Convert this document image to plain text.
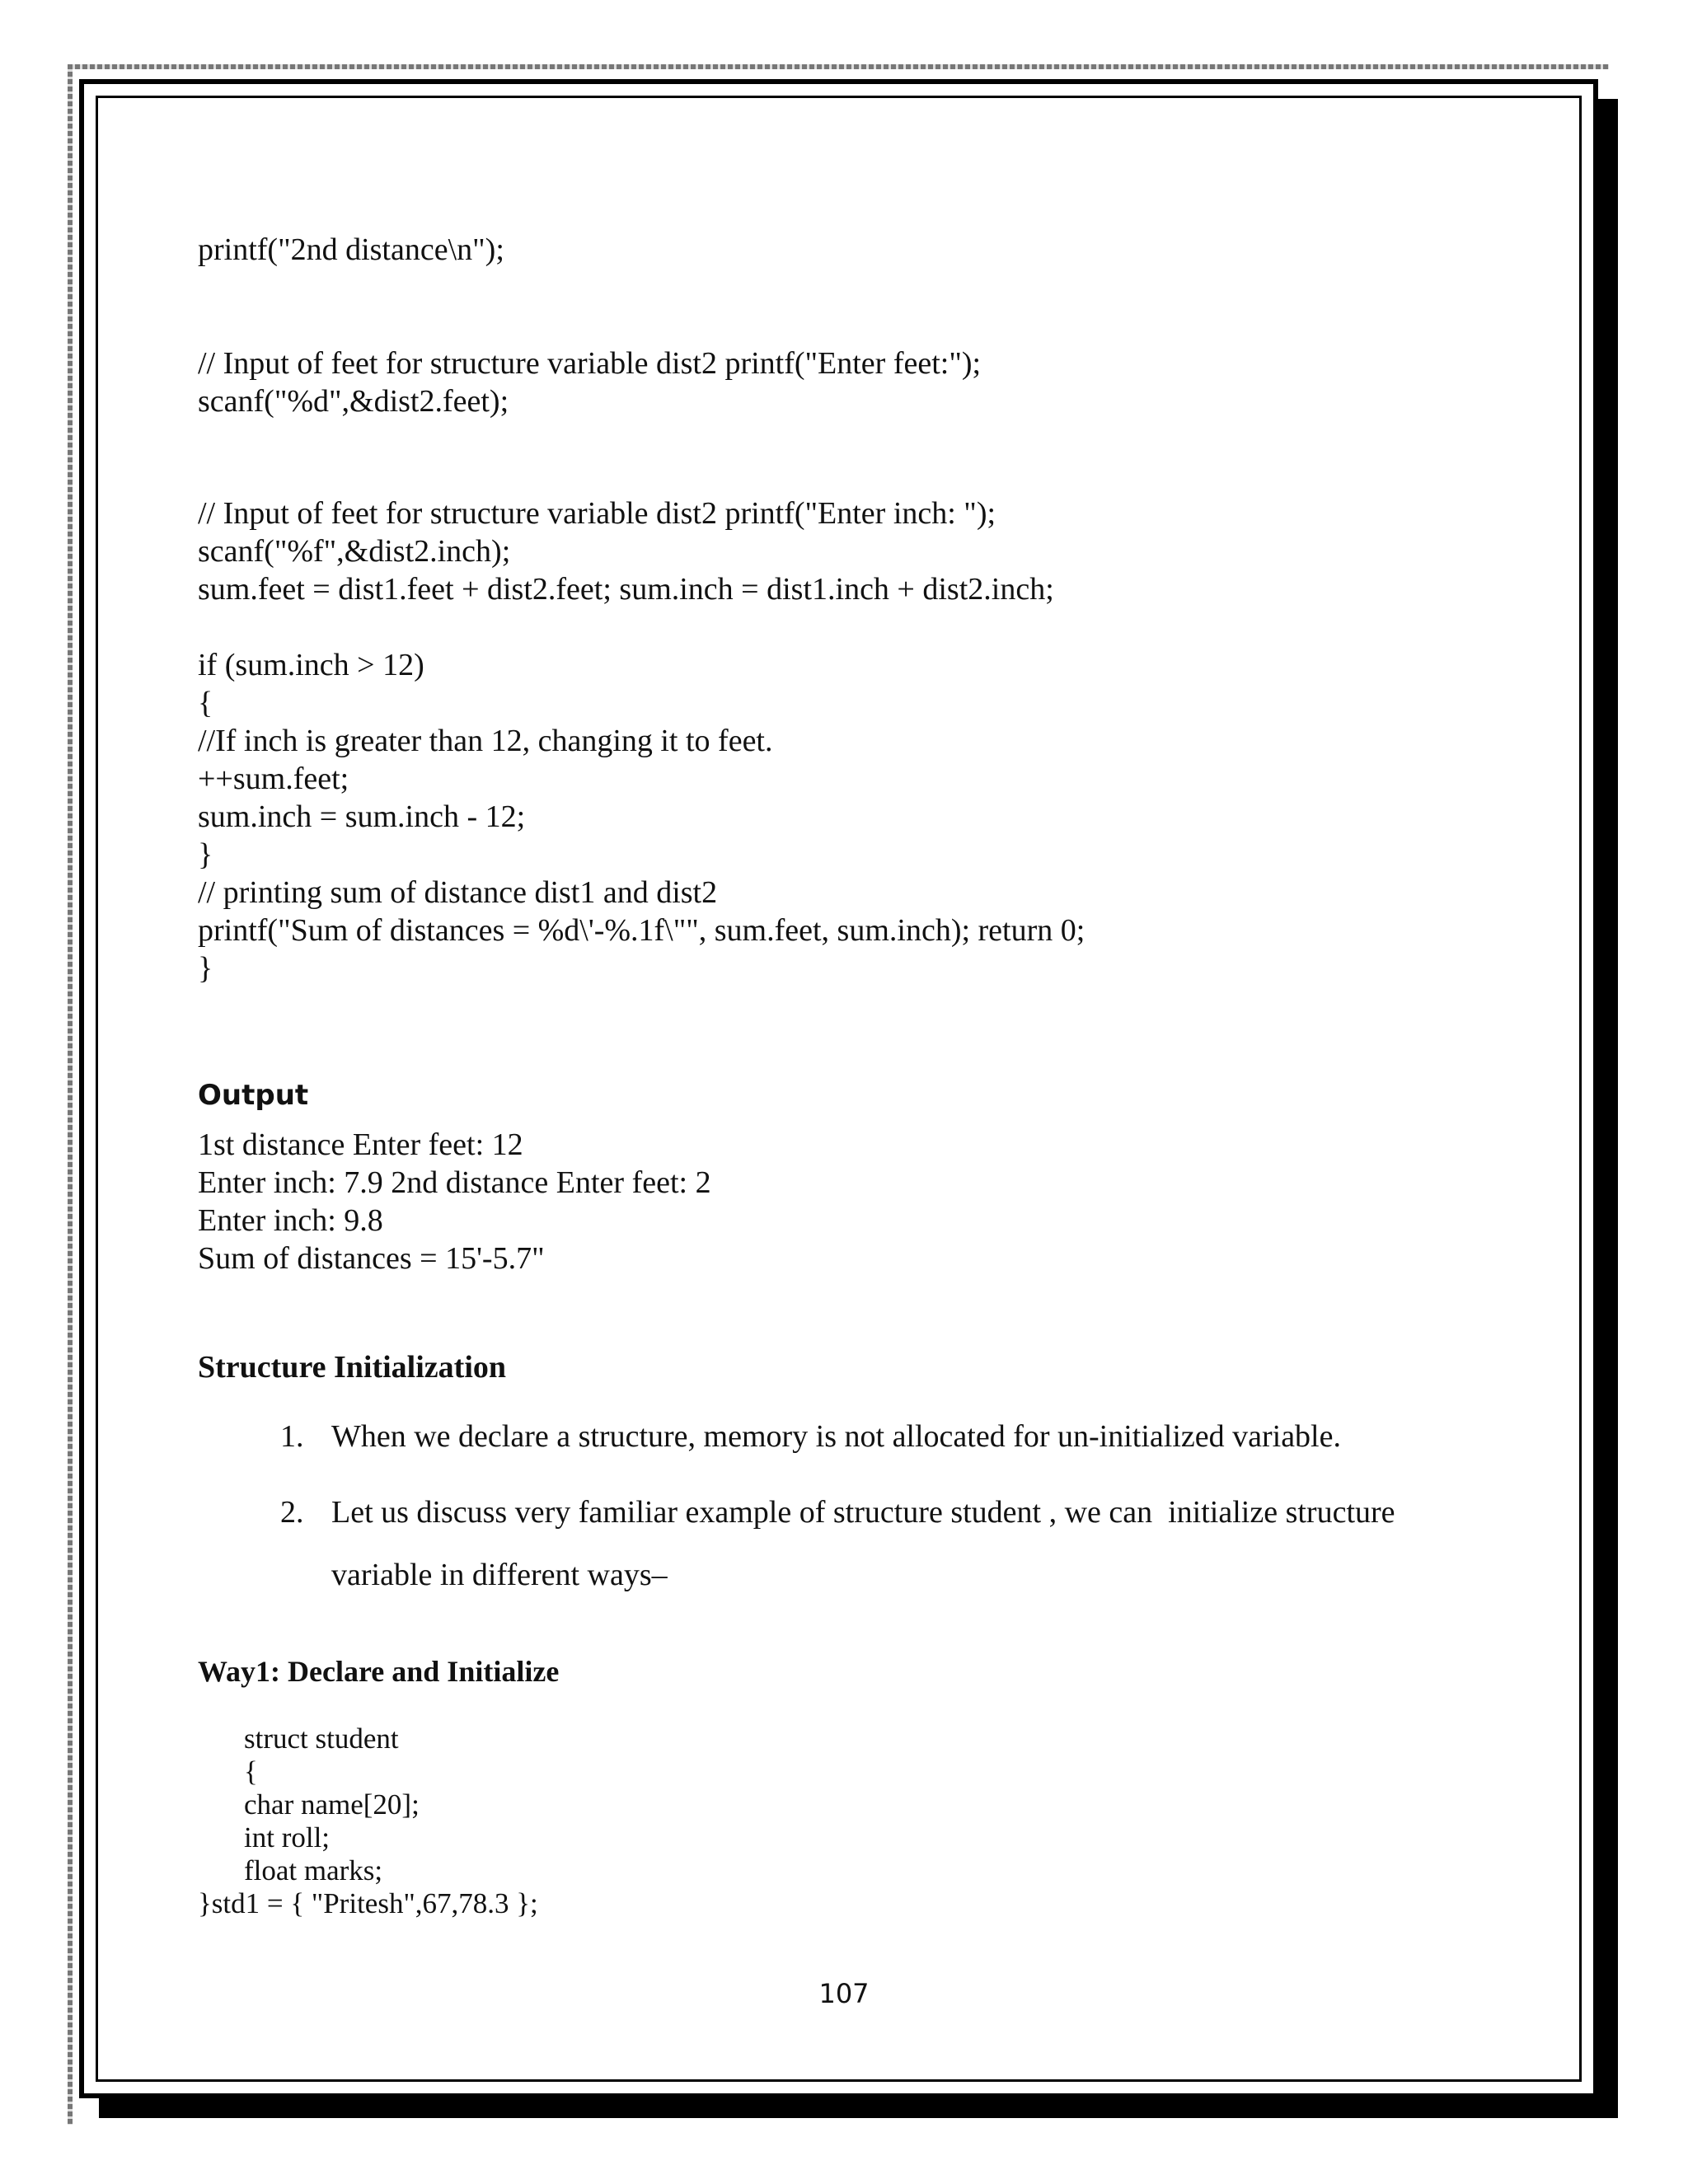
printf("2nd distance\n");
// Input of feet for structure variable dist2 printf("Enter feet:");
scanf("%d",&dist2.feet);
// Input of feet for structure variable dist2 printf("Enter inch: ");
scanf("%f",&dist2.inch);
sum.feet = dist1.feet + dist2.feet; sum.inch = dist1.inch + dist2.inch;
if (sum.inch > 12)
{
//If inch is greater than 12, changing it to feet.
++sum.feet;
sum.inch = sum.inch - 12;
}
// printing sum of distance dist1 and dist2
printf("Sum of distances = %d\'-%.1f\"", sum.feet, sum.inch); return 0;
}
Output
1st distance Enter feet: 12
Enter inch: 7.9 2nd distance Enter feet: 2
Enter inch: 9.8
Sum of distances = 15'-5.7"
Structure Initialization
1. When we declare a structure, memory is not allocated for un-initialized variable.
2. Let us discuss very familiar example of structure student , we can  initialize structure
variable in different ways–
Way1: Declare and Initialize
struct student
{
char name[20];
int roll;
float marks;
}std1 = { "Pritesh",67,78.3 };
107
